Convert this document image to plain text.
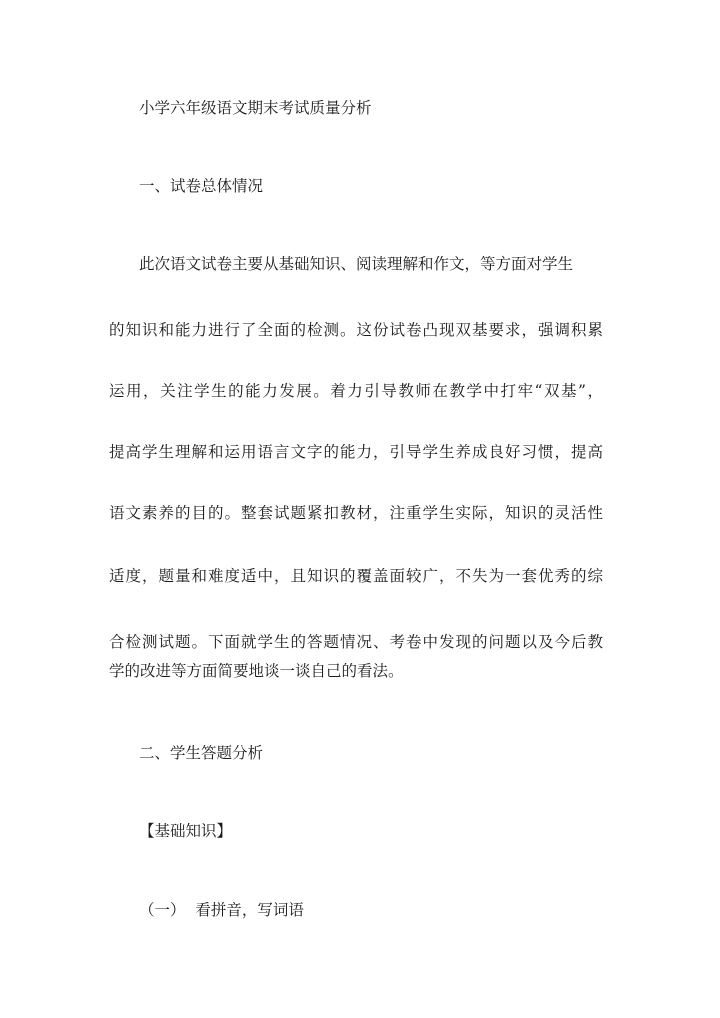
小学六年级语文期末考试质量分析
一、试卷总体情况
此次语文试卷主要从基础知识、阅读理解和作文，等方面对学生
的知识和能力进行了全面的检测。这份试卷凸现双基要求，强调积累
运用，关注学生的能力发展。着力引导教师在教学中打牢“双基”，
提高学生理解和运用语言文字的能力，引导学生养成良好习惯，提高
语文素养的目的。整套试题紧扣教材，注重学生实际，知识的灵活性
适度，题量和难度适中，且知识的覆盖面较广，不失为一套优秀的综
合检测试题。下面就学生的答题情况、考卷中发现的问题以及今后教
学的改进等方面简要地谈一谈自己的看法。
二、学生答题分析
【基础知识】
（一）  看拼音，写词语
